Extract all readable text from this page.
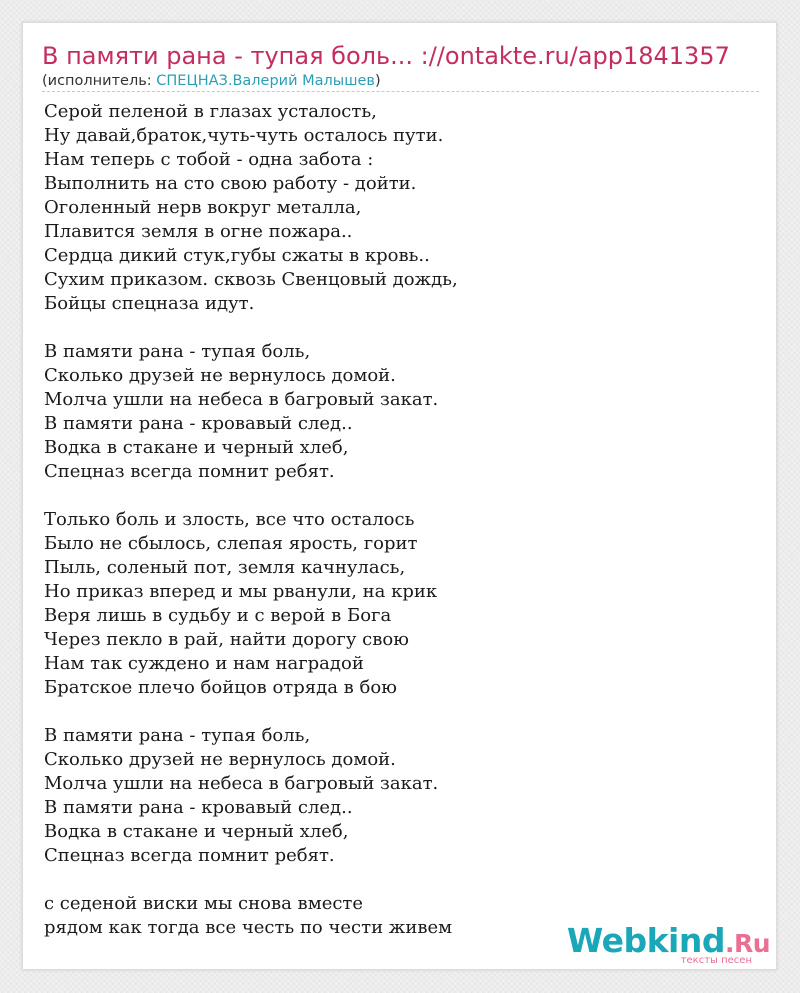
В памяти рана - тупая боль... ://ontakte.ru/app1841357
(исполнитель: СПЕЦНАЗ.Валерий Малышев)
Серой пеленой в глазах усталость,
Ну давай,браток,чуть-чуть осталось пути.
Нам теперь с тобой - одна забота :
Выполнить на сто свою работу - дойти.
Оголенный нерв вокруг металла,
Плавится земля в огне пожара..
Сердца дикий стук,губы сжаты в кровь..
Сухим приказом. сквозь Свенцовый дождь,
Бойцы спецназа идут.
В памяти рана - тупая боль,
Сколько друзей не вернулось домой.
Молча ушли на небеса в багровый закат.
В памяти рана - кровавый след..
Водка в стакане и черный хлеб,
Спецназ всегда помнит ребят.
Только боль и злость, все что осталось
Было не сбылось, слепая ярость, горит
Пыль, соленый пот, земля качнулась,
Но приказ вперед и мы рванули, на крик
Веря лишь в судьбу и с верой в Бога
Через пекло в рай, найти дорогу свою
Нам так суждено и нам наградой
Братское плечо бойцов отряда в бою
В памяти рана - тупая боль,
Сколько друзей не вернулось домой.
Молча ушли на небеса в багровый закат.
В памяти рана - кровавый след..
Водка в стакане и черный хлеб,
Спецназ всегда помнит ребят.
с седеной виски мы снова вместе
рядом как тогда все честь по чести живем	Webkind.Ru
тексты песен
